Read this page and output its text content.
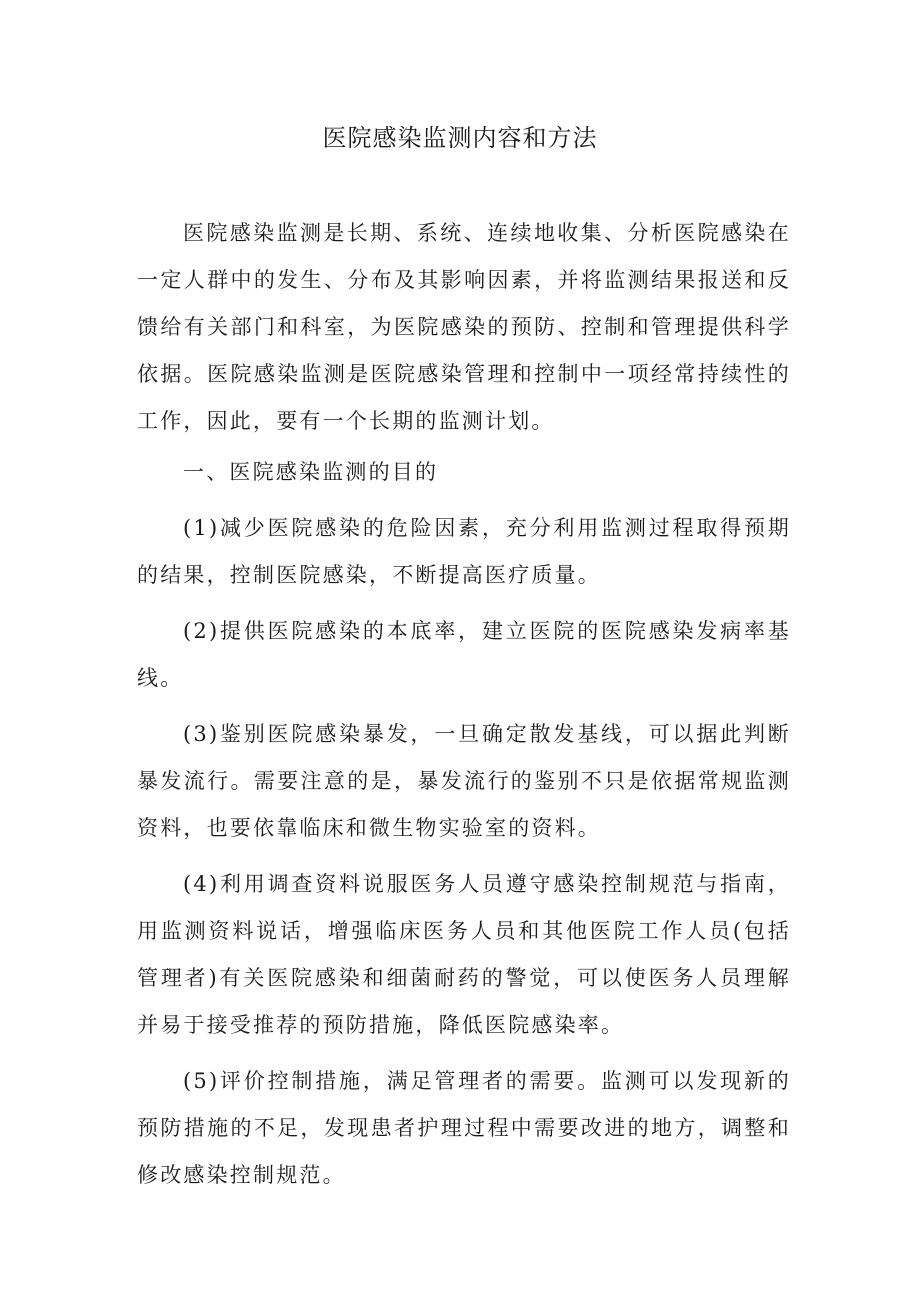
医院感染监测内容和方法

医院感染监测是长期、系统、连续地收集、分析医院感染在一定人群中的发生、分布及其影响因素，并将监测结果报送和反馈给有关部门和科室，为医院感染的预防、控制和管理提供科学依据。医院感染监测是医院感染管理和控制中一项经常持续性的工作，因此，要有一个长期的监测计划。

一、医院感染监测的目的

(1)减少医院感染的危险因素，充分利用监测过程取得预期的结果，控制医院感染，不断提高医疗质量。

(2)提供医院感染的本底率，建立医院的医院感染发病率基线。

(3)鉴别医院感染暴发，一旦确定散发基线，可以据此判断暴发流行。需要注意的是，暴发流行的鉴别不只是依据常规监测资料，也要依靠临床和微生物实验室的资料。

(4)利用调查资料说服医务人员遵守感染控制规范与指南，用监测资料说话，增强临床医务人员和其他医院工作人员(包括管理者)有关医院感染和细菌耐药的警觉，可以使医务人员理解并易于接受推荐的预防措施，降低医院感染率。

(5)评价控制措施，满足管理者的需要。监测可以发现新的预防措施的不足，发现患者护理过程中需要改进的地方，调整和修改感染控制规范。
